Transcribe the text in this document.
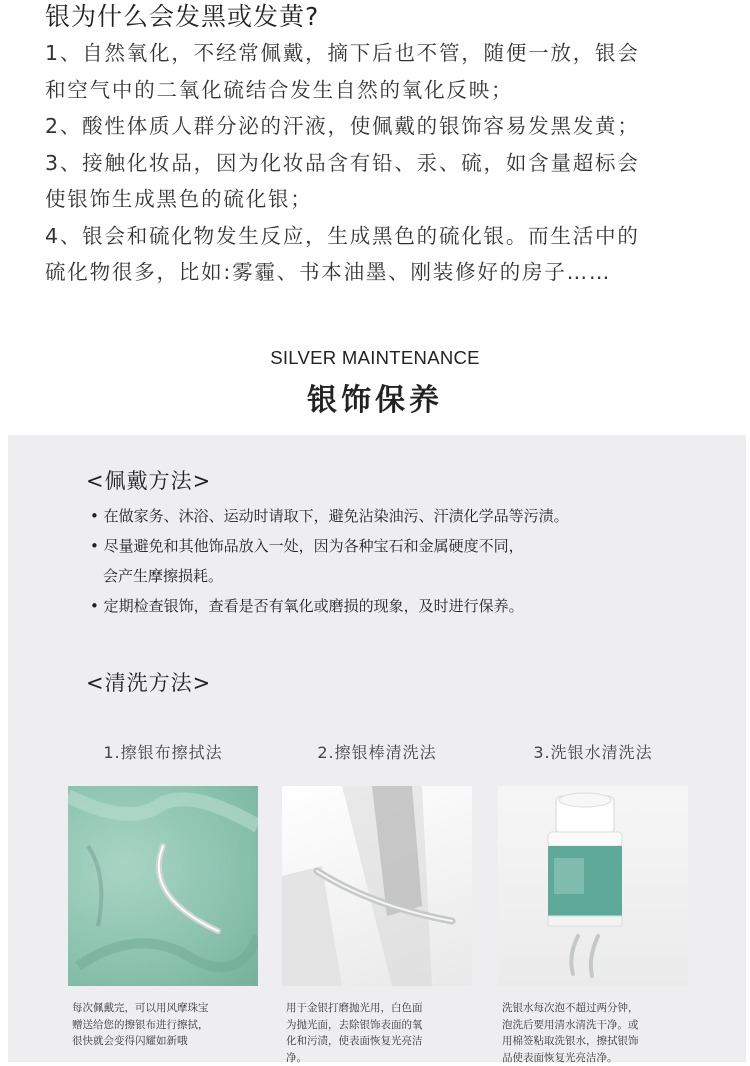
银为什么会发黑或发黄?

1、自然氧化，不经常佩戴，摘下后也不管，随便一放，银会

和空气中的二氧化硫结合发生自然的氧化反映；

2、酸性体质人群分泌的汗液，使佩戴的银饰容易发黑发黄；

3、接触化妆品，因为化妆品含有铅、汞、硫，如含量超标会

使银饰生成黑色的硫化银；

4、银会和硫化物发生反应，生成黑色的硫化银。而生活中的

硫化物很多，比如:雾霾、书本油墨、刚装修好的房子……

SILVER MAINTENANCE
银饰保养
<佩戴方法>
• 在做家务、沐浴、运动时请取下，避免沾染油污、汗渍化学品等污渍。
• 尽量避免和其他饰品放入一处，因为各种宝石和金属硬度不同，
会产生摩擦损耗。
• 定期检查银饰，查看是否有氧化或磨损的现象，及时进行保养。
<清洗方法>
1.擦银布擦拭法
每次佩戴完，可以用风摩珠宝
赠送给您的擦银布进行擦拭，
很快就会变得闪耀如新哦
2.擦银棒清洗法
用于金银打磨抛光用，白色面
为抛光面，去除银饰表面的氧
化和污渍，使表面恢复光亮洁
净。
3.洗银水清洗法
洗银水每次泡不超过两分钟，
泡洗后要用清水清洗干净。或
用棉签粘取洗银水，擦拭银饰
品使表面恢复光亮洁净。
